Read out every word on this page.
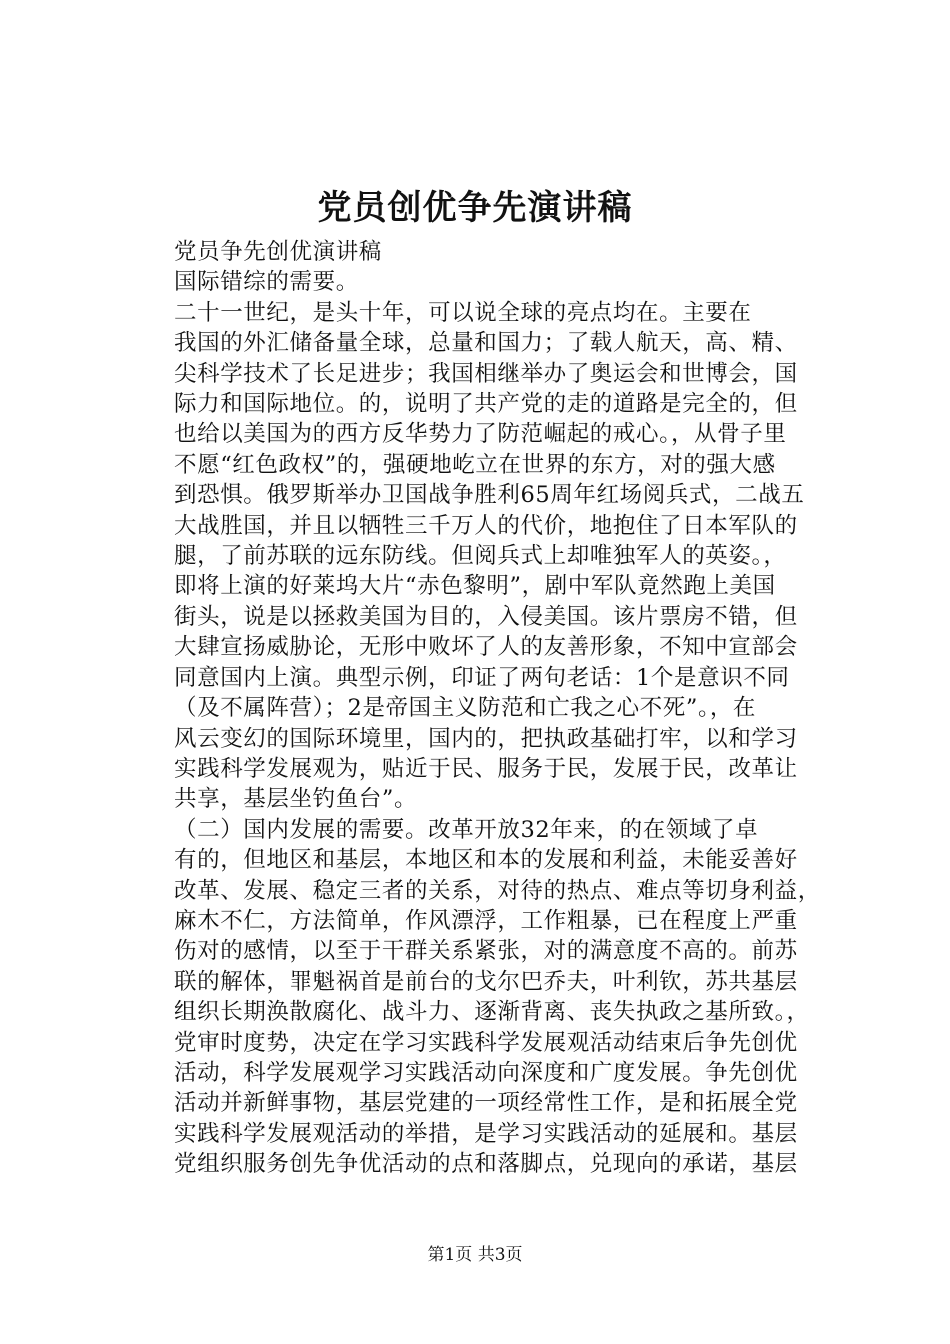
党员创优争先演讲稿

党员争先创优演讲稿

国际错综的需要。

二十一世纪，是头十年，可以说全球的亮点均在。主要在
我国的外汇储备量全球，总量和国力；了载人航天，高、精、
尖科学技术了长足进步；我国相继举办了奥运会和世博会，国
际力和国际地位。的，说明了共产党的走的道路是完全的，但
也给以美国为的西方反华势力了防范崛起的戒心。，从骨子里
不愿“红色政权”的，强硬地屹立在世界的东方，对的强大感
到恐惧。俄罗斯举办卫国战争胜利65周年红场阅兵式，二战五
大战胜国，并且以牺牲三千万人的代价，地抱住了日本军队的
腿，了前苏联的远东防线。但阅兵式上却唯独军人的英姿。，
即将上演的好莱坞大片“赤色黎明”，剧中军队竟然跑上美国
街头，说是以拯救美国为目的，入侵美国。该片票房不错，但
大肆宣扬威胁论，无形中败坏了人的友善形象，不知中宣部会
同意国内上演。典型示例，印证了两句老话：1个是意识不同
（及不属阵营）；2是帝国主义防范和亡我之心不死”。，在
风云变幻的国际环境里，国内的，把执政基础打牢，以和学习
实践科学发展观为，贴近于民、服务于民，发展于民，改革让
共享，基层坐钓鱼台”。

（二）国内发展的需要。改革开放32年来，的在领域了卓
有的，但地区和基层，本地区和本的发展和利益，未能妥善好
改革、发展、稳定三者的关系，对待的热点、难点等切身利益，
麻木不仁，方法简单，作风漂浮，工作粗暴，已在程度上严重
伤对的感情，以至于干群关系紧张，对的满意度不高的。前苏
联的解体，罪魁祸首是前台的戈尔巴乔夫，叶利钦，苏共基层
组织长期涣散腐化、战斗力、逐渐背离、丧失执政之基所致。，
党审时度势，决定在学习实践科学发展观活动结束后争先创优
活动，科学发展观学习实践活动向深度和广度发展。争先创优
活动并新鲜事物，基层党建的一项经常性工作，是和拓展全党
实践科学发展观活动的举措，是学习实践活动的延展和。基层
党组织服务创先争优活动的点和落脚点，兑现向的承诺，基层

第1页 共3页
